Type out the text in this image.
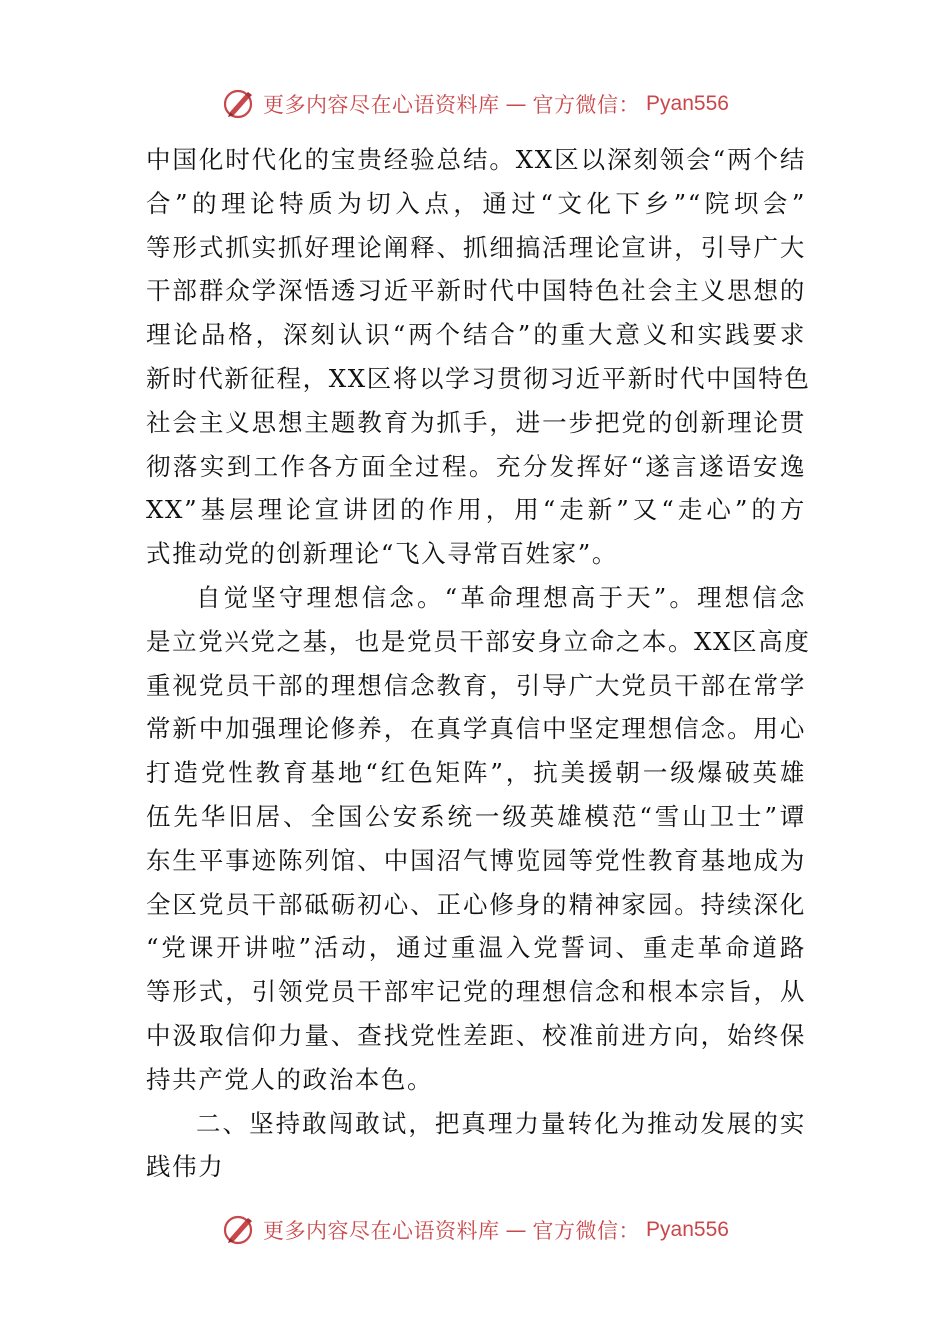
更多内容尽在心语资料库 — 官方微信： Pyan556
中国化时代化的宝贵经验总结。XX区以深刻领会“两个结
合”的理论特质为切入点，通过“文化下乡”“院坝会”
等形式抓实抓好理论阐释、抓细搞活理论宣讲，引导广大
干部群众学深悟透习近平新时代中国特色社会主义思想的
理论品格，深刻认识“两个结合”的重大意义和实践要求
新时代新征程，XX区将以学习贯彻习近平新时代中国特色
社会主义思想主题教育为抓手，进一步把党的创新理论贯
彻落实到工作各方面全过程。充分发挥好“遂言遂语安逸
XX”基层理论宣讲团的作用，用“走新”又“走心”的方
式推动党的创新理论“飞入寻常百姓家”。
自觉坚守理想信念。“革命理想高于天”。理想信念
是立党兴党之基，也是党员干部安身立命之本。XX区高度
重视党员干部的理想信念教育，引导广大党员干部在常学
常新中加强理论修养，在真学真信中坚定理想信念。用心
打造党性教育基地“红色矩阵”，抗美援朝一级爆破英雄
伍先华旧居、全国公安系统一级英雄模范“雪山卫士”谭
东生平事迹陈列馆、中国沼气博览园等党性教育基地成为
全区党员干部砥砺初心、正心修身的精神家园。持续深化
“党课开讲啦”活动，通过重温入党誓词、重走革命道路
等形式，引领党员干部牢记党的理想信念和根本宗旨，从
中汲取信仰力量、查找党性差距、校准前进方向，始终保
持共产党人的政治本色。
二、坚持敢闯敢试，把真理力量转化为推动发展的实
践伟力
更多内容尽在心语资料库 — 官方微信： Pyan556
